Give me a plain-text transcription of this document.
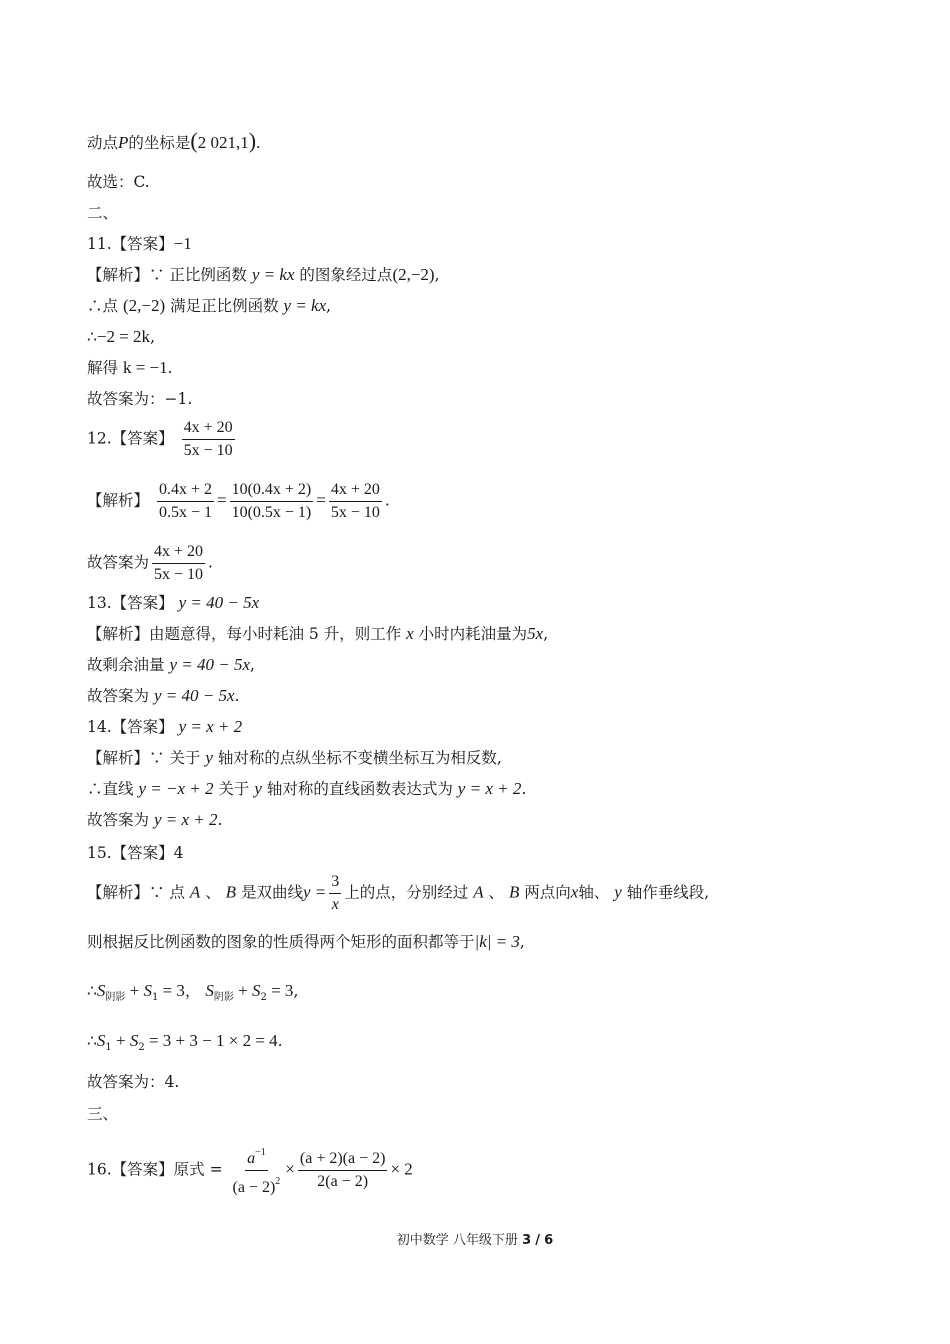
动点P的坐标是(2 021,1).
故选：C.
二、
11.【答案】−1
【解析】∵ 正比例函数 y = kx 的图象经过点(2,−2),
∴点 (2,−2) 满足正比例函数 y = kx,
∴−2 = 2k,
解得 k = −1.
故答案为：−1.
12.【答案】 $\frac{4x + 20}{5x - 10}$
【解析】 $\frac{0.4x + 2}{0.5x - 1} = \frac{10(0.4x + 2)}{10(0.5x - 1)} = \frac{4x + 20}{5x - 10}$ .
故答案为 $\frac{4x + 20}{5x - 10}$ .
13.【答案】 y = 40 − 5x
【解析】由题意得，每小时耗油 5 升，则工作 x 小时内耗油量为5x,
故剩余油量 y = 40 − 5x,
故答案为 y = 40 − 5x.
14.【答案】 y = x + 2
【解析】∵ 关于 y 轴对称的点纵坐标不变横坐标互为相反数,
∴直线 y = −x + 2 关于 y 轴对称的直线函数表达式为 y = x + 2.
故答案为 y = x + 2.
15.【答案】4
【解析】∵ 点 A 、 B 是双曲线$y = \frac{3}{x}$ 上的点，分别经过 A 、 B 两点向x轴、 y 轴作垂线段,
则根据反比例函数的图象的性质得两个矩形的面积都等于|k| = 3,
$\therefore S_{阴影} + S_1 = 3$， $S_{阴影} + S_2 = 3$,
$\therefore S_1 + S_2 = 3 + 3 - 1 \times 2 = 4$.
故答案为：4.
三、
16.【答案】原式 = $\frac{a^{-1}}{(a - 2)^2} \times \frac{(a + 2)(a - 2)}{2(a - 2)} \times 2$
初中数学 八年级下册 3 / 6
